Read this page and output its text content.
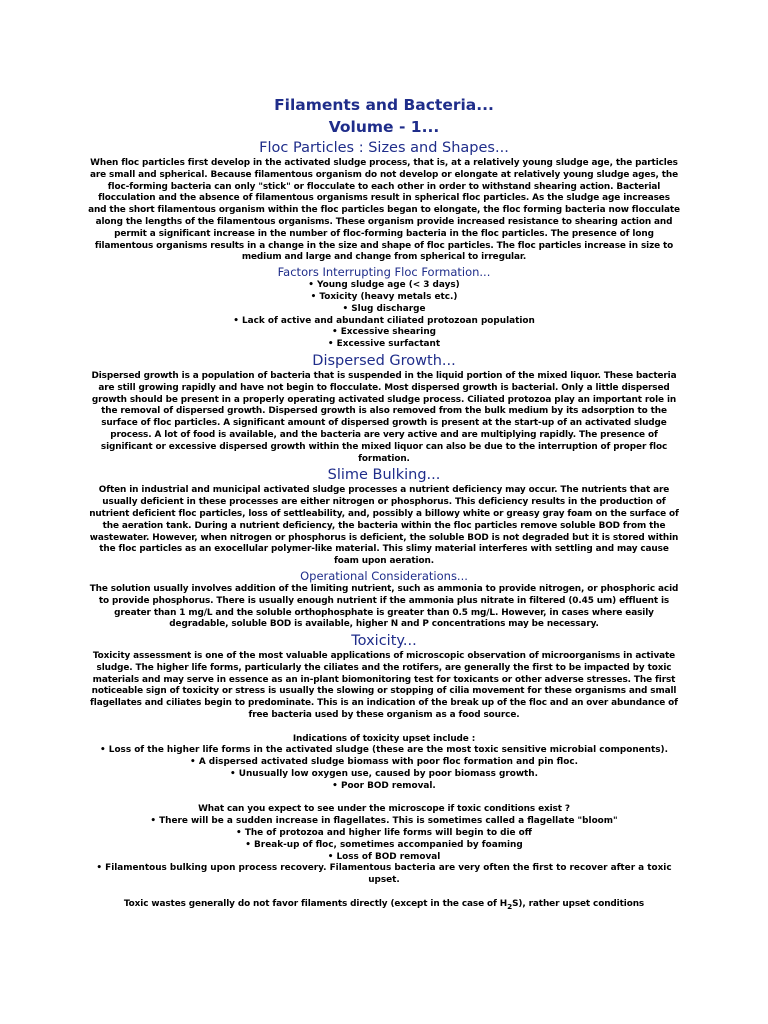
Filaments and Bacteria...

Volume - 1...

Floc Particles : Sizes and Shapes...

When floc particles first develop in the activated sludge process, that is, at a relatively young sludge age, the particles are small and spherical. Because filamentous organism do not develop or elongate at relatively young sludge ages, the floc-forming bacteria can only "stick" or flocculate to each other in order to withstand shearing action. Bacterial flocculation and the absence of filamentous organisms result in spherical floc particles. As the sludge age increases and the short filamentous organism within the floc particles began to elongate, the floc forming bacteria now flocculate along the lengths of the filamentous organisms. These organism provide increased resistance to shearing action and permit a significant increase in the number of floc-forming bacteria in the floc particles. The presence of long filamentous organisms results in a change in the size and shape of floc particles. The floc particles increase in size to medium and large and change from spherical to irregular.

Factors Interrupting Floc Formation...

• Young sludge age (< 3 days)
• Toxicity (heavy metals etc.)
• Slug discharge
• Lack of active and abundant ciliated protozoan population
• Excessive shearing
• Excessive surfactant

Dispersed Growth...

Dispersed growth is a population of bacteria that is suspended in the liquid portion of the mixed liquor. These bacteria are still growing rapidly and have not begin to flocculate. Most dispersed growth is bacterial. Only a little dispersed growth should be present in a properly operating activated sludge process. Ciliated protozoa play an important role in the removal of dispersed growth. Dispersed growth is also removed from the bulk medium by its adsorption to the surface of floc particles. A significant amount of dispersed growth is present at the start-up of an activated sludge process. A lot of food is available, and the bacteria are very active and are multiplying rapidly. The presence of significant or excessive dispersed growth within the mixed liquor can also be due to the interruption of proper floc formation.

Slime Bulking...

Often in industrial and municipal activated sludge processes a nutrient deficiency may occur. The nutrients that are usually deficient in these processes are either nitrogen or phosphorus. This deficiency results in the production of nutrient deficient floc particles, loss of settleability, and, possibly a billowy white or greasy gray foam on the surface of the aeration tank. During a nutrient deficiency, the bacteria within the floc particles remove soluble BOD from the wastewater. However, when nitrogen or phosphorus is deficient, the soluble BOD is not degraded but it is stored within the floc particles as an exocellular polymer-like material. This slimy material interferes with settling and may cause foam upon aeration.

Operational Considerations...

The solution usually involves addition of the limiting nutrient, such as ammonia to provide nitrogen, or phosphoric acid to provide phosphorus. There is usually enough nutrient if the ammonia plus nitrate in filtered (0.45 um) effluent is greater than 1 mg/L and the soluble orthophosphate is greater than 0.5 mg/L. However, in cases where easily degradable, soluble BOD is available, higher N and P concentrations may be necessary.

Toxicity...

Toxicity assessment is one of the most valuable applications of microscopic observation of microorganisms in activate sludge. The higher life forms, particularly the ciliates and the rotifers, are generally the first to be impacted by toxic materials and may serve in essence as an in-plant biomonitoring test for toxicants or other adverse stresses. The first noticeable sign of toxicity or stress is usually the slowing or stopping of cilia movement for these organisms and small flagellates and ciliates begin to predominate. This is an indication of the break up of the floc and an over abundance of free bacteria used by these organism as a food source.

Indications of toxicity upset include :

• Loss of the higher life forms in the activated sludge (these are the most toxic sensitive microbial components).
• A dispersed activated sludge biomass with poor floc formation and pin floc.
• Unusually low oxygen use, caused by poor biomass growth.
• Poor BOD removal.

What can you expect to see under the microscope if toxic conditions exist ?

• There will be a sudden increase in flagellates. This is sometimes called a flagellate "bloom"
• The of protozoa and higher life forms will begin to die off
• Break-up of floc, sometimes accompanied by foaming
• Loss of BOD removal
• Filamentous bulking upon process recovery. Filamentous bacteria are very often the first to recover after a toxic upset.

Toxic wastes generally do not favor filaments directly (except in the case of $H_2S$), rather upset conditions
